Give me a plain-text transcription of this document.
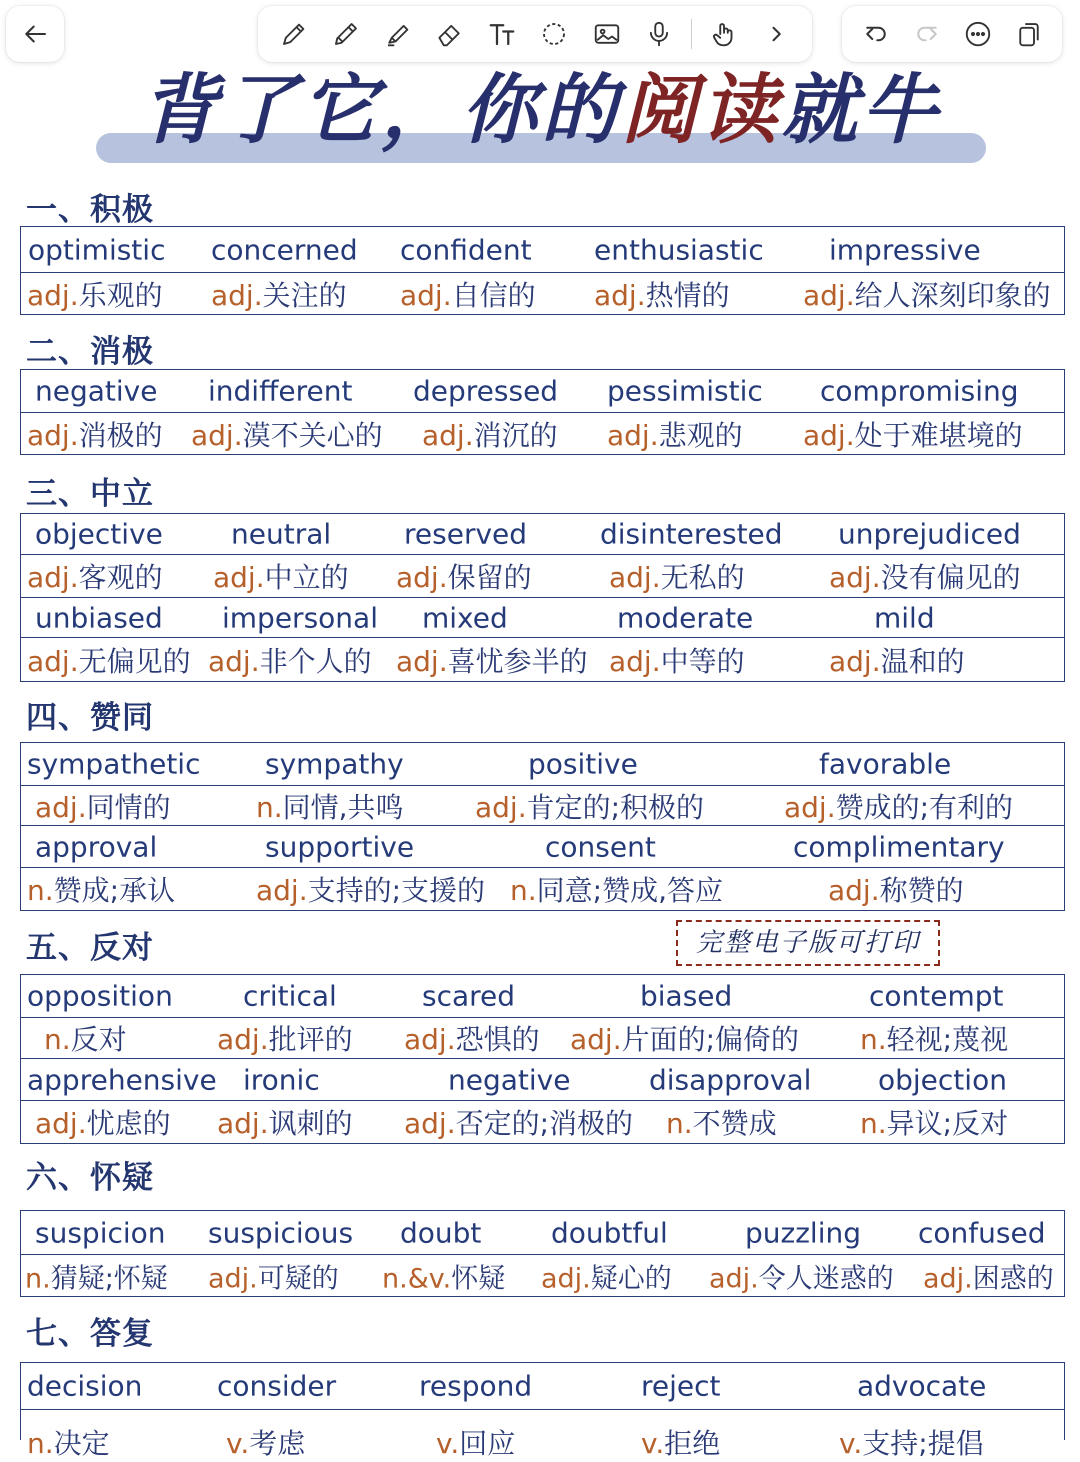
背了它，你的阅读就牛
一、积极
optimistic concerned confident enthusiastic impressive
adj.乐观的 adj.关注的 adj.自信的 adj.热情的	adj.给人深刻印象的
二、消极
negative indifferent depressed pessimistic compromising
adj.消极的 adj.漠不关心的 adj.消沉的 adj.悲观的 adj.处于难堪境的
三、中立
objective neutral	reserved	disinterested unprejudiced
adj.客观的 adj.中立的 adj.保留的	adj.无私的	adj.没有偏见的
unbiased impersonal mixed	moderate	mild
adj.无偏见的 adj.非个人的 adj.喜忧参半的 adj.中等的	adj.温和的
四、赞同
sympathetic sympathy	positive	favorable
adj.同情的	n.同情,共鸣	adj.肯定的;积极的	adj.赞成的;有利的
approval	supportive	consent	complimentary
n.赞成;承认	adj.支持的;支援的 n.同意;赞成,答应	adj.称赞的
五、反对	完整电子版可打印
opposition	critical	scared	biased	contempt
n.反对	adj.批评的 adj.恐惧的 adj.片面的;偏倚的 n.轻视;蔑视
apprehensive ironic	negative	disapproval objection
adj.忧虑的 adj.讽刺的 adj.否定的;消极的 n.不赞成	n.异议;反对
六、怀疑
suspicion suspicious doubt doubtful	puzzling confused
n.猜疑;怀疑 adj.可疑的 n.&v.怀疑 adj.疑心的 adj.令人迷惑的 adj.困惑的
七、答复
decision	consider	respond	reject	advocate
n.决定	v.考虑	v.回应	v.拒绝	v.支持;提倡
